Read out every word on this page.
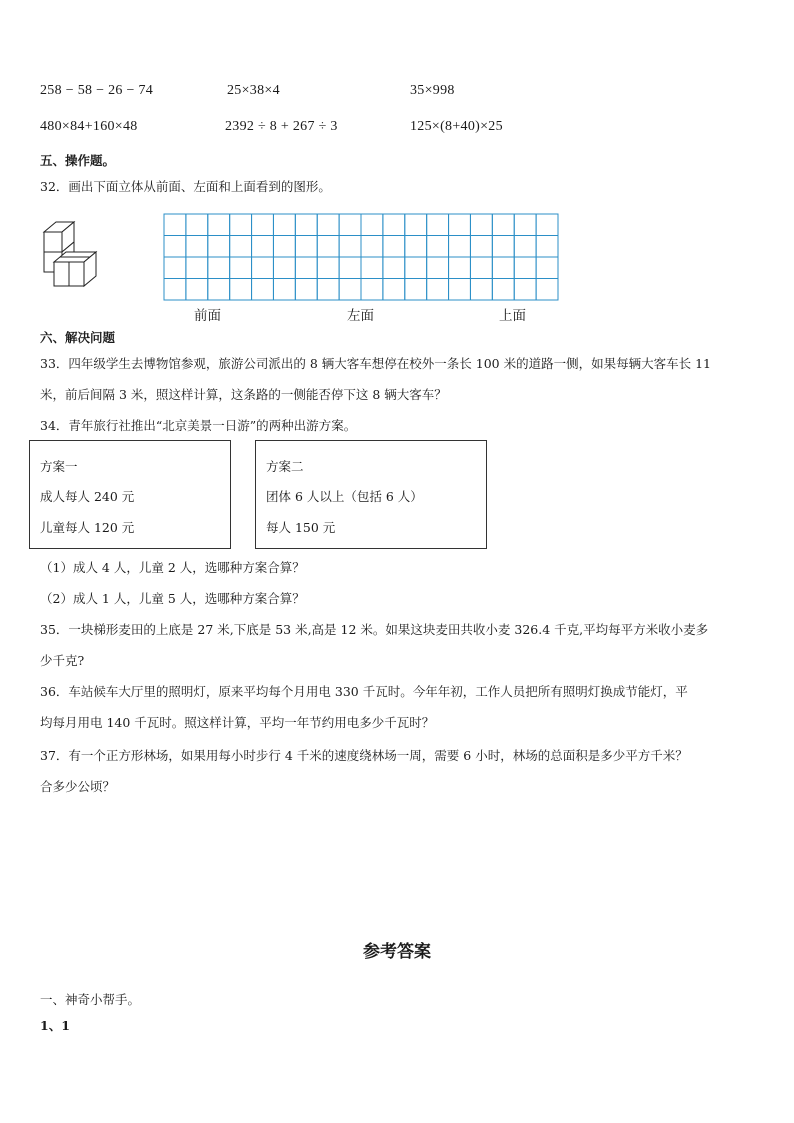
258 − 58 − 26 − 74	25×38×4	35×998
480×84+160×48	2392 ÷ 8 + 267 ÷ 3	125×(8+40)×25
五、操作题。
32．画出下面立体从前面、左面和上面看到的图形。
前面	左面	上面
六、解决问题
33．四年级学生去博物馆参观，旅游公司派出的 8 辆大客车想停在校外一条长 100 米的道路一侧，如果每辆大客车长 11
米，前后间隔 3 米，照这样计算，这条路的一侧能否停下这 8 辆大客车？
34．青年旅行社推出“北京美景一日游”的两种出游方案。
方案一
成人每人 240 元
儿童每人 120 元
方案二
团体 6 人以上（包括 6 人）
每人 150 元
（1）成人 4 人，儿童 2 人，选哪种方案合算？
（2）成人 1 人，儿童 5 人，选哪种方案合算？
35．一块梯形麦田的上底是 27 米,下底是 53 米,高是 12 米。如果这块麦田共收小麦 326.4 千克,平均每平方米收小麦多
少千克?
36．车站候车大厅里的照明灯，原来平均每个月用电 330 千瓦时。今年年初，工作人员把所有照明灯换成节能灯，平
均每月用电 140 千瓦时。照这样计算，平均一年节约用电多少千瓦时？
37．有一个正方形林场，如果用每小时步行 4 千米的速度绕林场一周，需要 6 小时，林场的总面积是多少平方千米？
合多少公顷？
参考答案
一、神奇小帮手。
1、1
